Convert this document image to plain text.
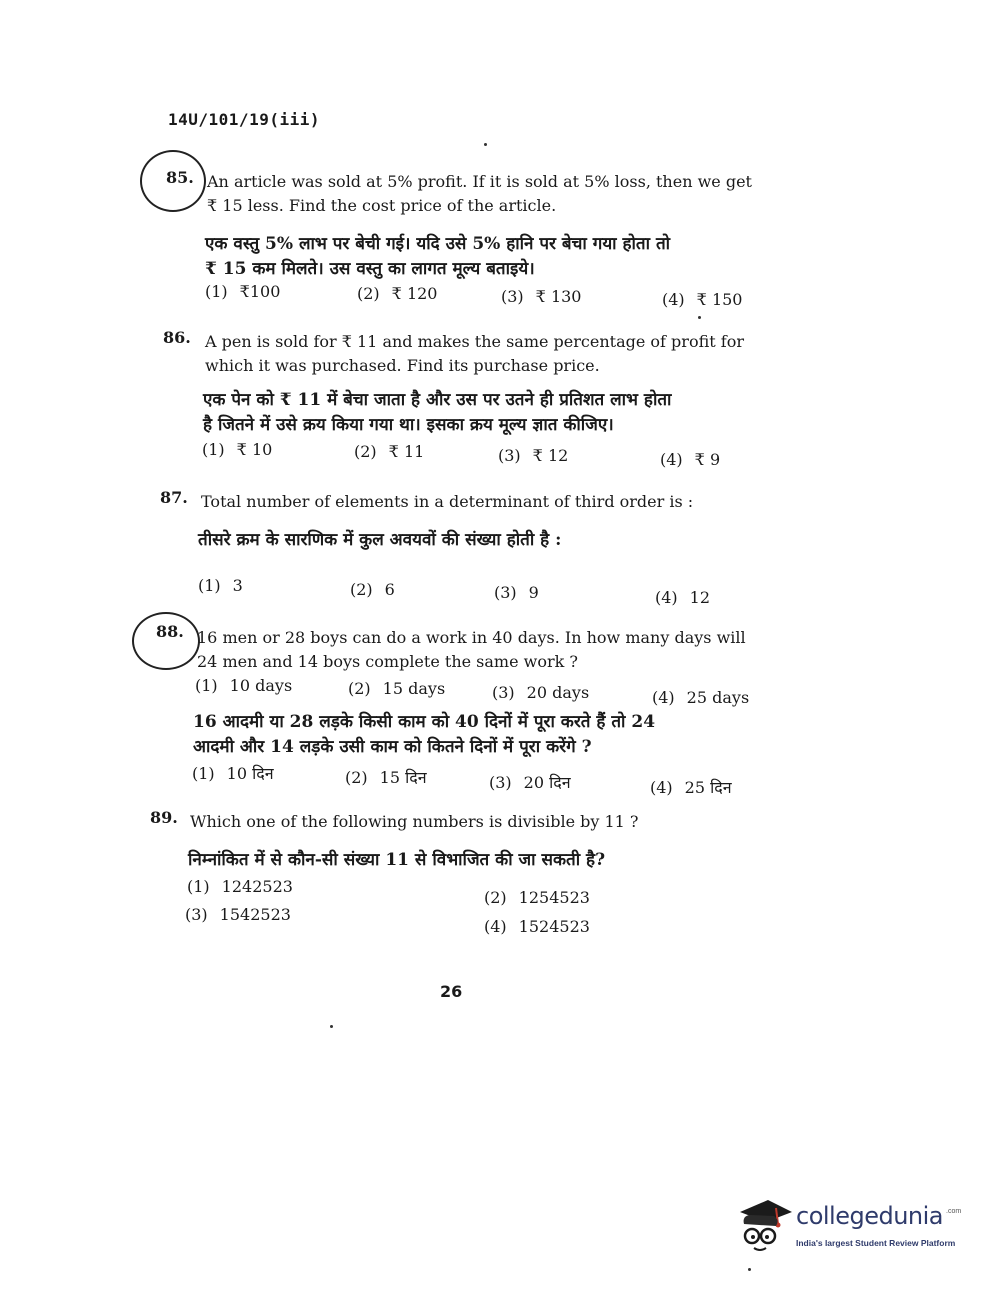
14U/101/19(iii)
85. An article was sold at 5% profit. If it is sold at 5% loss, then we get
₹ 15 less. Find the cost price of the article.
एक वस्तु 5% लाभ पर बेची गई। यदि उसे 5% हानि पर बेचा गया होता तो
₹ 15 कम मिलते। उस वस्तु का लागत मूल्य बताइये।
(1) ₹100	(2) ₹ 120	(3) ₹ 130	(4) ₹ 150
86. A pen is sold for ₹ 11 and makes the same percentage of profit for
which it was purchased. Find its purchase price.
एक पेन को ₹ 11 में बेचा जाता है और उस पर उतने ही प्रतिशत लाभ होता
है जितने में उसे क्रय किया गया था। इसका क्रय मूल्य ज्ञात कीजिए।
(1) ₹ 10	(2) ₹ 11	(3) ₹ 12	(4) ₹ 9
87. Total number of elements in a determinant of third order is :
तीसरे क्रम के सारणिक में कुल अवयवों की संख्या होती है :
(1) 3	(2) 6	(3) 9	(4) 12
88. 16 men or 28 boys can do a work in 40 days. In how many days will
24 men and 14 boys complete the same work ?
(1) 10 days	(2) 15 days	(3) 20 days	(4) 25 days
16 आदमी या 28 लड़के किसी काम को 40 दिनों में पूरा करते हैं तो 24
आदमी और 14 लड़के उसी काम को कितने दिनों में पूरा करेंगे ?
(1) 10 दिन	(2) 15 दिन	(3) 20 दिन	(4) 25 दिन
89. Which one of the following numbers is divisible by 11 ?
निम्नांकित में से कौन-सी संख्या 11 से विभाजित की जा सकती है?
(1) 1242523
(2) 1254523
(3) 1542523
(4) 1524523
26
collegedunia .com
India's largest Student Review Platform
